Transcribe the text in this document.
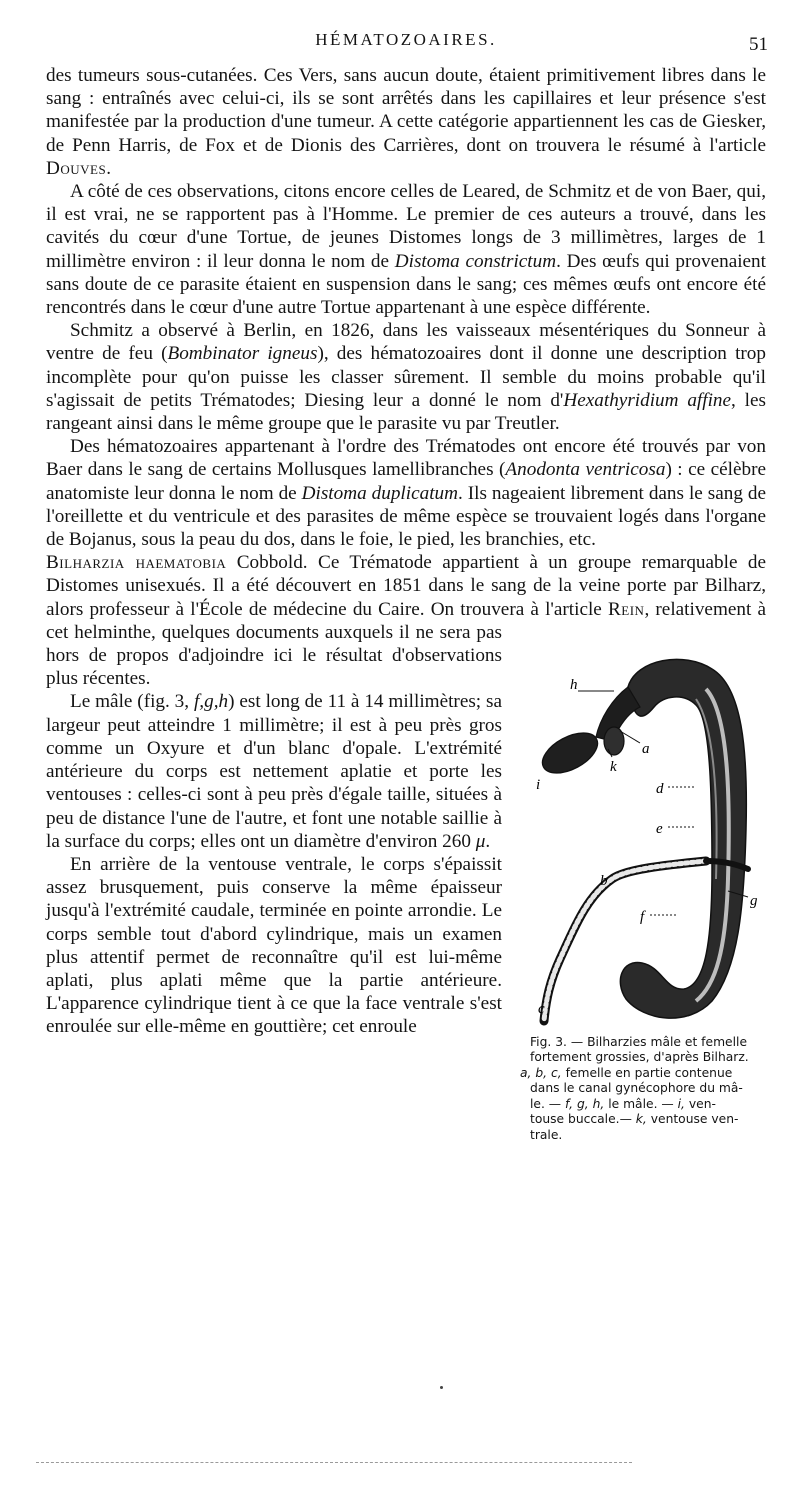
HÉMATOZOAIRES.	51

des tumeurs sous-cutanées. Ces Vers, sans aucun doute, étaient primitivement libres dans le sang : entraînés avec celui-ci, ils se sont arrêtés dans les capillaires et leur présence s'est manifestée par la production d'une tumeur. A cette catégorie appartiennent les cas de Giesker, de Penn Harris, de Fox et de Dionis des Carrières, dont on trouvera le résumé à l'article Douves.

A côté de ces observations, citons encore celles de Leared, de Schmitz et de von Baer, qui, il est vrai, ne se rapportent pas à l'Homme. Le premier de ces auteurs a trouvé, dans les cavités du cœur d'une Tortue, de jeunes Distomes longs de 3 millimètres, larges de 1 millimètre environ : il leur donna le nom de Distoma constrictum. Des œufs qui provenaient sans doute de ce parasite étaient en suspension dans le sang; ces mêmes œufs ont encore été rencontrés dans le cœur d'une autre Tortue appartenant à une espèce différente.

Schmitz a observé à Berlin, en 1826, dans les vaisseaux mésentériques du Sonneur à ventre de feu (Bombinator igneus), des hématozoaires dont il donne une description trop incomplète pour qu'on puisse les classer sûrement. Il semble du moins probable qu'il s'agissait de petits Trématodes; Diesing leur a donné le nom d'Hexathyridium affine, les rangeant ainsi dans le même groupe que le parasite vu par Treutler.

Des hématozoaires appartenant à l'ordre des Trématodes ont encore été trouvés par von Baer dans le sang de certains Mollusques lamellibranches (Anodonta ventricosa) : ce célèbre anatomiste leur donna le nom de Distoma duplicatum. Ils nageaient librement dans le sang de l'oreillette et du ventricule et des parasites de même espèce se trouvaient logés dans l'organe de Bojanus, sous la peau du dos, dans le foie, le pied, les branchies, etc.

Bilharzia haematobia Cobbold. Ce Trématode appartient à un groupe remarquable de Distomes unisexués. Il a été découvert en 1851 dans le sang de la veine porte par Bilharz, alors professeur à l'École de médecine du Caire. On trouvera à l'article
h
a
i
k
d
e
b
g
f
c
Fig. 3. — Bilharzies mâle et femelle
fortement grossies, d'après Bilharz.
a, b, c, femelle en partie contenue
dans le canal gynécophore du mâ-
le. — f, g, h, le mâle. — i, ven-
touse buccale.— k, ventouse ven-
trale.
Rein, relativement à cet helminthe, quelques documents auxquels il ne sera pas hors de propos d'adjoindre ici le résultat d'observations plus récentes.

Le mâle (fig. 3, f,g,h) est long de 11 à 14 millimètres; sa largeur peut atteindre 1 millimètre; il est à peu près gros comme un Oxyure et d'un blanc d'opale. L'extrémité antérieure du corps est nettement aplatie et porte les ventouses : celles-ci sont à peu près d'égale taille, situées à peu de distance l'une de l'autre, et font une notable saillie à la surface du corps; elles ont un diamètre d'environ 260 μ.

En arrière de la ventouse ventrale, le corps s'épaissit assez brusquement, puis conserve la même épaisseur jusqu'à l'extrémité caudale, terminée en pointe arrondie. Le corps semble tout d'abord cylindrique, mais un examen plus attentif permet de reconnaître qu'il est lui-même aplati, plus aplati même que la partie antérieure. L'apparence cylindrique tient à ce que la face ventrale s'est enroulée sur elle-même en gouttière; cet enroule
